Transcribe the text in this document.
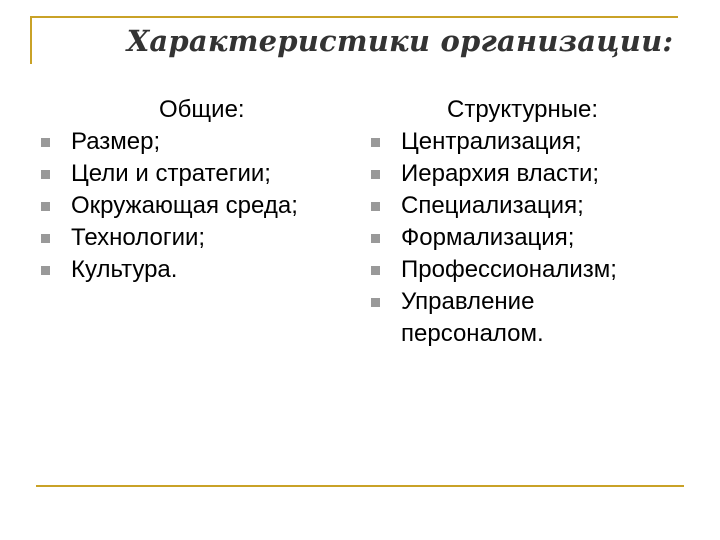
Характеристики организации:
Общие:
Размер;
Цели и стратегии;
Окружающая среда;
Технологии;
Культура.
Структурные:
Централизация;
Иерархия власти;
Специализация;
Формализация;
Профессионализм;
Управление персоналом.
